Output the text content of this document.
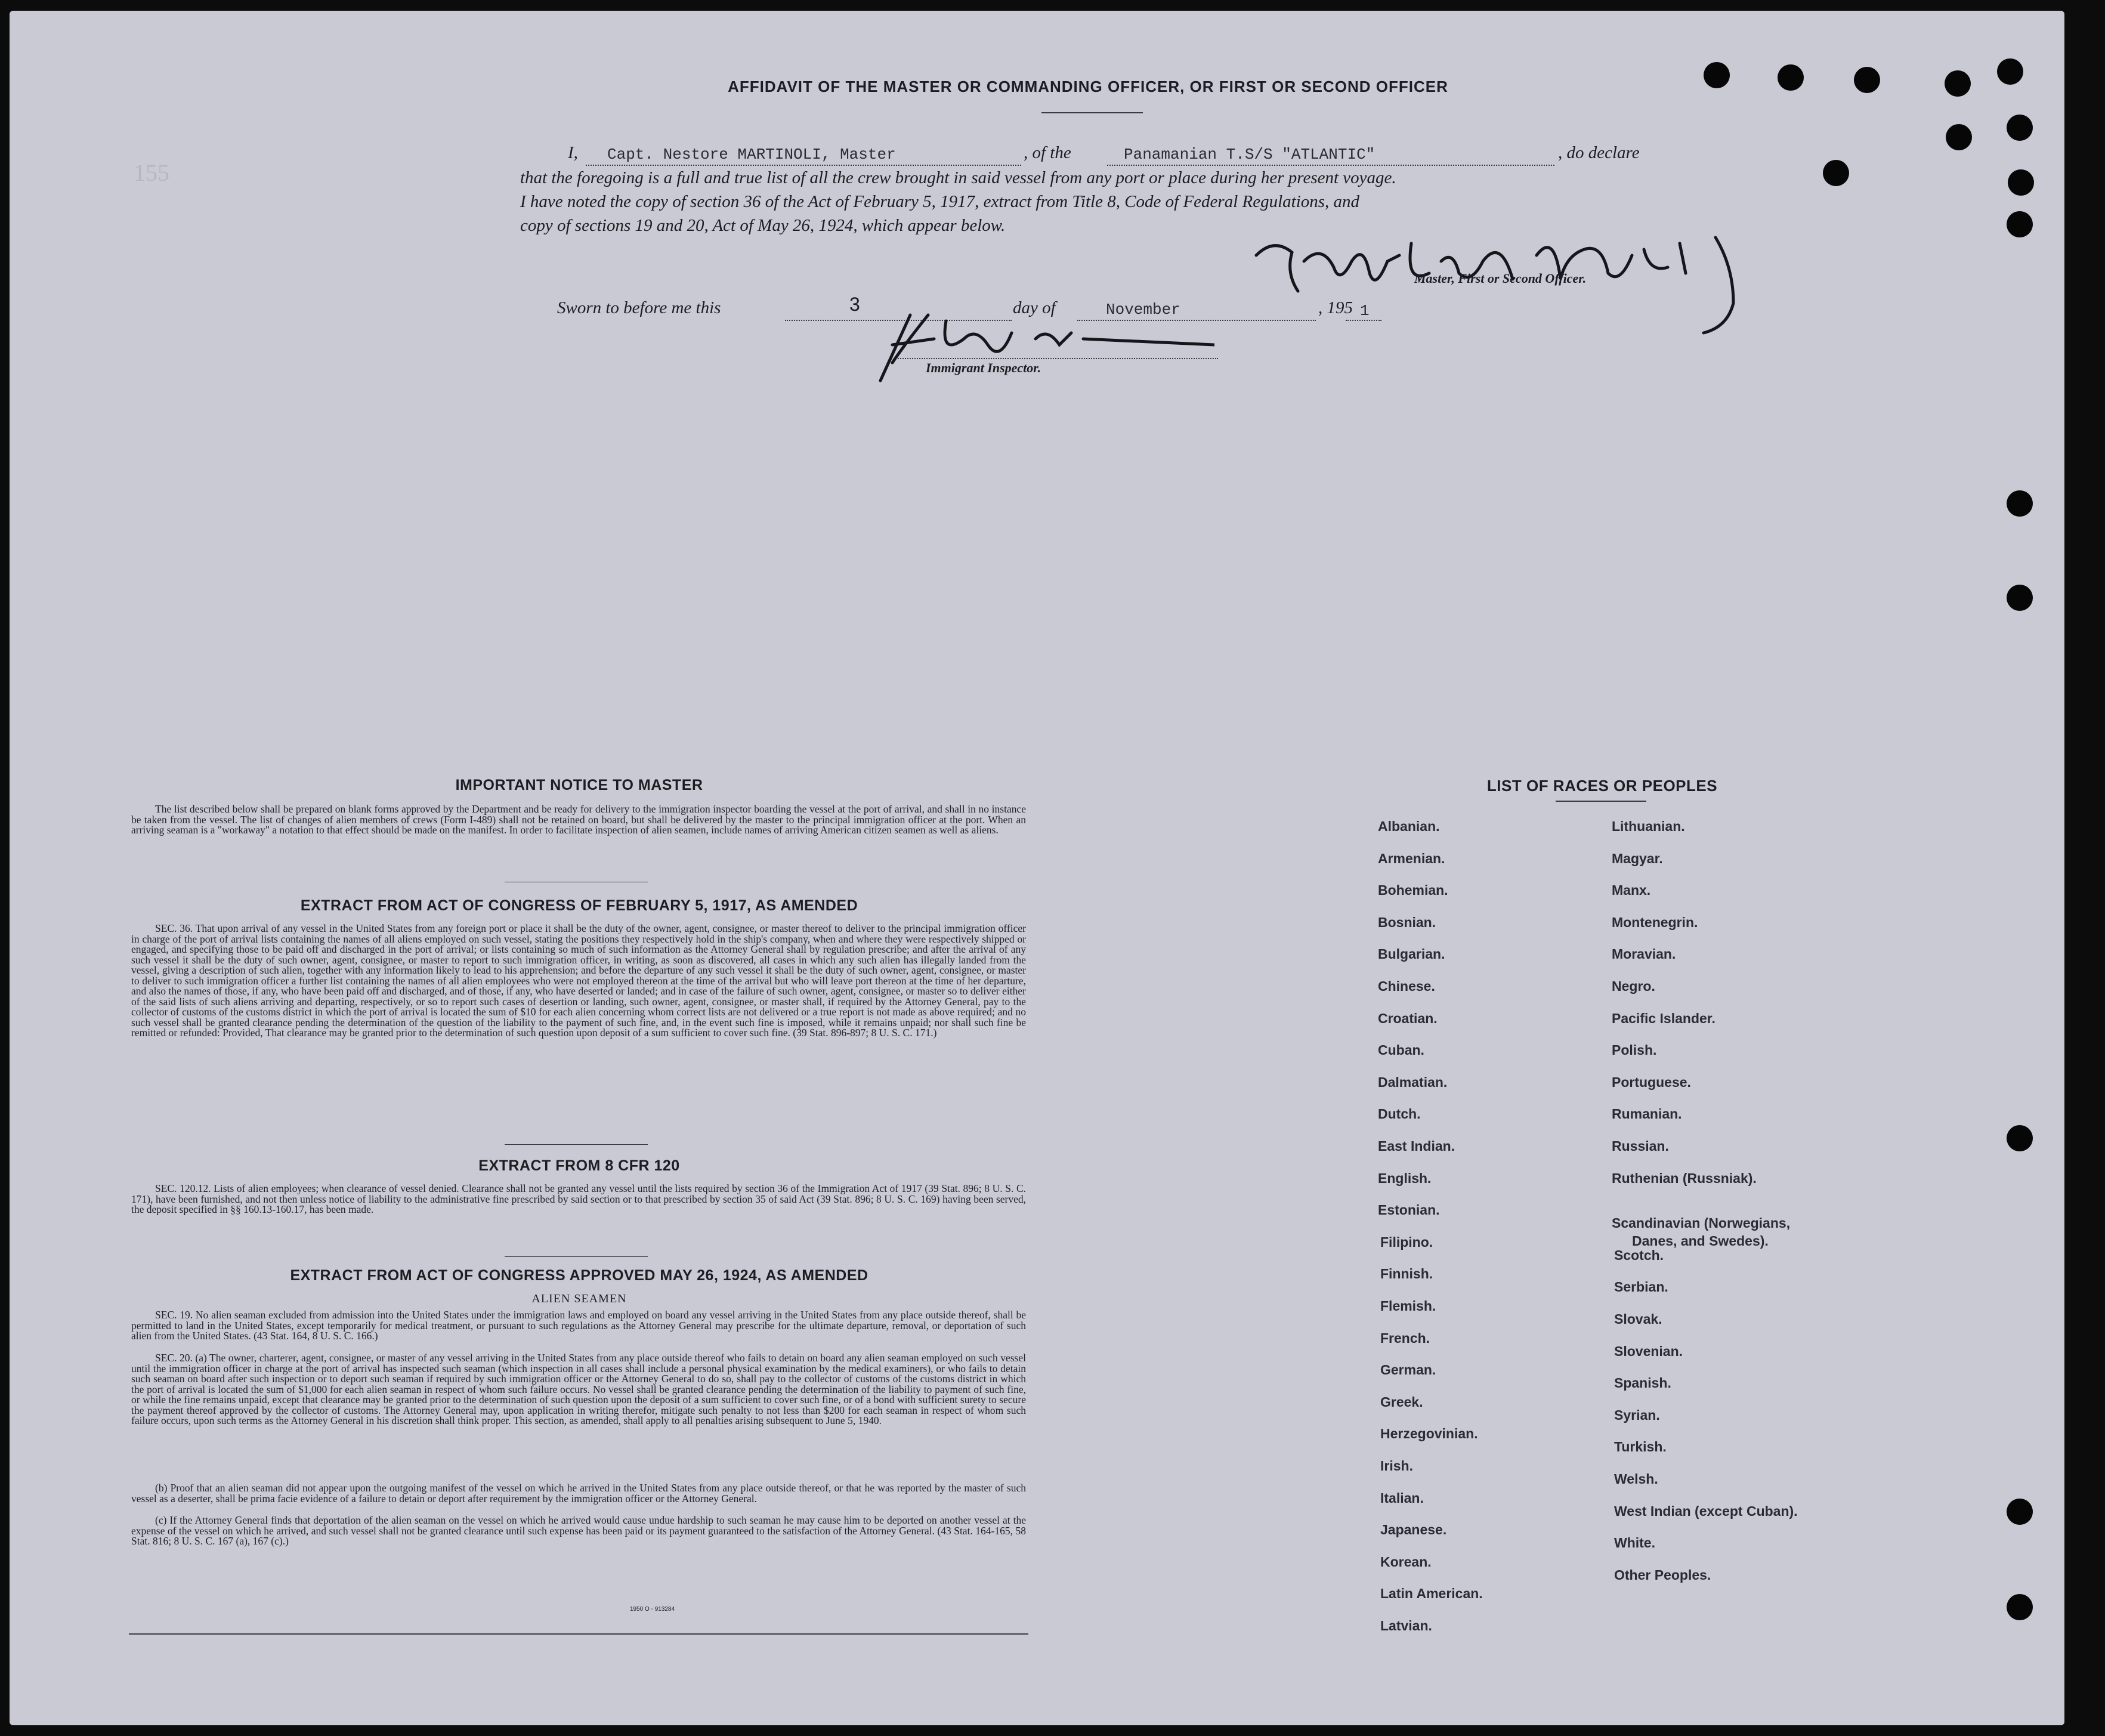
155
AFFIDAVIT OF THE MASTER OR COMMANDING OFFICER, OR FIRST OR SECOND OFFICER
I, Capt. Nestore MARTINOLI, Master	, of the	Panamanian T.S/S "ATLANTIC"	, do declare
that the foregoing is a full and true list of all the crew brought in said vessel from any port or place during her present voyage.
I have noted the copy of section 36 of the Act of February 5, 1917, extract from Title 8, Code of Federal Regulations, and
copy of sections 19 and 20, Act of May 26, 1924, which appear below.
Master, First or Second Officer.
Sworn to before me this	3	day of	November	, 195 1
Immigrant Inspector.
IMPORTANT NOTICE TO MASTER
The list described below shall be prepared on blank forms approved by the Department and be ready for delivery to the immigration inspector boarding the vessel at the port of arrival, and shall in no instance be taken from the vessel. The list of changes of alien members of crews (Form I-489) shall not be retained on board, but shall be delivered by the master to the principal immigration officer at the port. When an arriving seaman is a "workaway" a notation to that effect should be made on the manifest. In order to facilitate inspection of alien seamen, include names of arriving American citizen seamen as well as aliens.
EXTRACT FROM ACT OF CONGRESS OF FEBRUARY 5, 1917, AS AMENDED
SEC. 36. That upon arrival of any vessel in the United States from any foreign port or place it shall be the duty of the owner, agent, consignee, or master thereof to deliver to the principal immigration officer in charge of the port of arrival lists containing the names of all aliens employed on such vessel, stating the positions they respectively hold in the ship's company, when and where they were respectively shipped or engaged, and specifying those to be paid off and discharged in the port of arrival; or lists containing so much of such information as the Attorney General shall by regulation prescribe; and after the arrival of any such vessel it shall be the duty of such owner, agent, consignee, or master to report to such immigration officer, in writing, as soon as discovered, all cases in which any such alien has illegally landed from the vessel, giving a description of such alien, together with any information likely to lead to his apprehension; and before the departure of any such vessel it shall be the duty of such owner, agent, consignee, or master to deliver to such immigration officer a further list containing the names of all alien employees who were not employed thereon at the time of the arrival but who will leave port thereon at the time of her departure, and also the names of those, if any, who have been paid off and discharged, and of those, if any, who have deserted or landed; and in case of the failure of such owner, agent, consignee, or master so to deliver either of the said lists of such aliens arriving and departing, respectively, or so to report such cases of desertion or landing, such owner, agent, consignee, or master shall, if required by the Attorney General, pay to the collector of customs of the customs district in which the port of arrival is located the sum of $10 for each alien concerning whom correct lists are not delivered or a true report is not made as above required; and no such vessel shall be granted clearance pending the determination of the question of the liability to the payment of such fine, and, in the event such fine is imposed, while it remains unpaid; nor shall such fine be remitted or refunded: Provided, That clearance may be granted prior to the determination of such question upon deposit of a sum sufficient to cover such fine. (39 Stat. 896-897; 8 U. S. C. 171.)
EXTRACT FROM 8 CFR 120
SEC. 120.12. Lists of alien employees; when clearance of vessel denied. Clearance shall not be granted any vessel until the lists required by section 36 of the Immigration Act of 1917 (39 Stat. 896; 8 U. S. C. 171), have been furnished, and not then unless notice of liability to the administrative fine prescribed by said section or to that prescribed by section 35 of said Act (39 Stat. 896; 8 U. S. C. 169) having been served, the deposit specified in §§ 160.13-160.17, has been made.
EXTRACT FROM ACT OF CONGRESS APPROVED MAY 26, 1924, AS AMENDED
ALIEN SEAMEN
SEC. 19. No alien seaman excluded from admission into the United States under the immigration laws and employed on board any vessel arriving in the United States from any place outside thereof, shall be permitted to land in the United States, except temporarily for medical treatment, or pursuant to such regulations as the Attorney General may prescribe for the ultimate departure, removal, or deportation of such alien from the United States. (43 Stat. 164, 8 U. S. C. 166.)
SEC. 20. (a) The owner, charterer, agent, consignee, or master of any vessel arriving in the United States from any place outside thereof who fails to detain on board any alien seaman employed on such vessel until the immigration officer in charge at the port of arrival has inspected such seaman (which inspection in all cases shall include a personal physical examination by the medical examiners), or who fails to detain such seaman on board after such inspection or to deport such seaman if required by such immigration officer or the Attorney General to do so, shall pay to the collector of customs of the customs district in which the port of arrival is located the sum of $1,000 for each alien seaman in respect of whom such failure occurs. No vessel shall be granted clearance pending the determination of the liability to payment of such fine, or while the fine remains unpaid, except that clearance may be granted prior to the determination of such question upon the deposit of a sum sufficient to cover such fine, or of a bond with sufficient surety to secure the payment thereof approved by the collector of customs. The Attorney General may, upon application in writing therefor, mitigate such penalty to not less than $200 for each seaman in respect of whom such failure occurs, upon such terms as the Attorney General in his discretion shall think proper. This section, as amended, shall apply to all penalties arising subsequent to June 5, 1940.
(b) Proof that an alien seaman did not appear upon the outgoing manifest of the vessel on which he arrived in the United States from any place outside thereof, or that he was reported by the master of such vessel as a deserter, shall be prima facie evidence of a failure to detain or deport after requirement by the immigration officer or the Attorney General.
(c) If the Attorney General finds that deportation of the alien seaman on the vessel on which he arrived would cause undue hardship to such seaman he may cause him to be deported on another vessel at the expense of the vessel on which he arrived, and such vessel shall not be granted clearance until such expense has been paid or its payment guaranteed to the satisfaction of the Attorney General. (43 Stat. 164-165, 58 Stat. 816; 8 U. S. C. 167 (a), 167 (c).)
1950 O - 913284
LIST OF RACES OR PEOPLES
Albanian.
Armenian.
Bohemian.
Bosnian.
Bulgarian.
Chinese.
Croatian.
Cuban.
Dalmatian.
Dutch.
East Indian.
English.
Estonian.
Filipino.
Finnish.
Flemish.
French.
German.
Greek.
Herzegovinian.
Irish.
Italian.
Japanese.
Korean.
Latin American.
Latvian.
Lithuanian.
Magyar.
Manx.
Montenegrin.
Moravian.
Negro.
Pacific Islander.
Polish.
Portuguese.
Rumanian.
Russian.
Ruthenian (Russniak).
Scandinavian (Norwegians,
Danes, and Swedes).
Scotch.
Serbian.
Slovak.
Slovenian.
Spanish.
Syrian.
Turkish.
Welsh.
West Indian (except Cuban).
White.
Other Peoples.
